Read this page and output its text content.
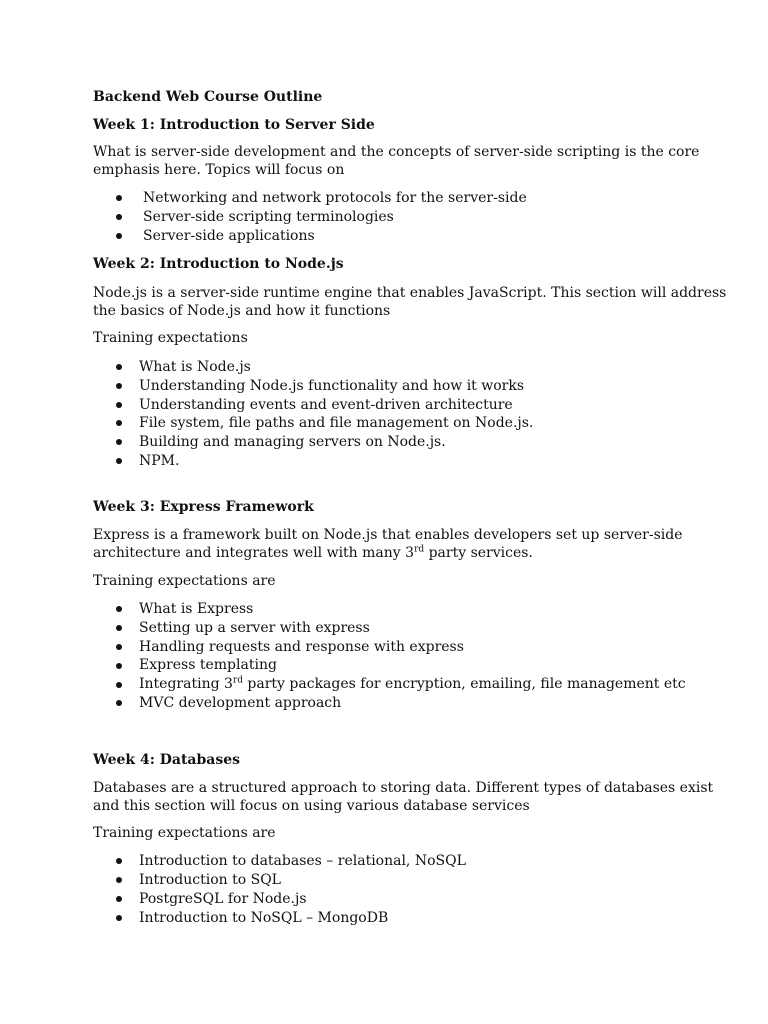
Backend Web Course Outline
Week 1: Introduction to Server Side
What is server-side development and the concepts of server-side scripting is the core
emphasis here. Topics will focus on
Networking and network protocols for the server-side
Server-side scripting terminologies
Server-side applications
Week 2: Introduction to Node.js
Node.js is a server-side runtime engine that enables JavaScript. This section will address
the basics of Node.js and how it functions
Training expectations
What is Node.js
Understanding Node.js functionality and how it works
Understanding events and event-driven architecture
File system, file paths and file management on Node.js.
Building and managing servers on Node.js.
NPM.
Week 3: Express Framework
Express is a framework built on Node.js that enables developers set up server-side
architecture and integrates well with many 3rd party services.
Training expectations are
What is Express
Setting up a server with express
Handling requests and response with express
Express templating
Integrating 3rd party packages for encryption, emailing, file management etc
MVC development approach
Week 4: Databases
Databases are a structured approach to storing data. Different types of databases exist
and this section will focus on using various database services
Training expectations are
Introduction to databases – relational, NoSQL
Introduction to SQL
PostgreSQL for Node.js
Introduction to NoSQL – MongoDB
